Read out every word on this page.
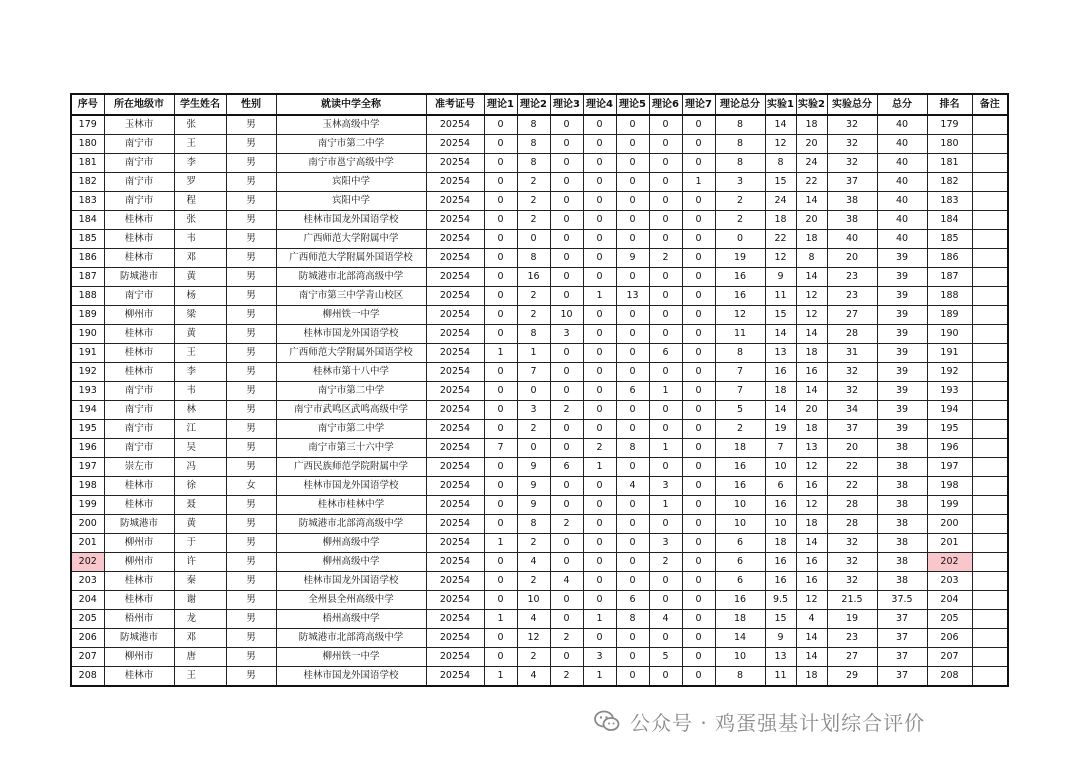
序号	所在地级市	学生姓名	性别	就读中学全称	准考证号	理论1	理论2	理论3	理论4	理论5	理论6	理论7	理论总分	实验1	实验2	实验总分	总分	排名	备注
179	玉林市	张	男	玉林高级中学	20254	0	8	0	0	0	0	0	8	14	18	32	40	179	
180	南宁市	王	男	南宁市第二中学	20254	0	8	0	0	0	0	0	8	12	20	32	40	180	
181	南宁市	李	男	南宁市邕宁高级中学	20254	0	8	0	0	0	0	0	8	8	24	32	40	181	
182	南宁市	罗	男	宾阳中学	20254	0	2	0	0	0	0	1	3	15	22	37	40	182	
183	南宁市	程	男	宾阳中学	20254	0	2	0	0	0	0	0	2	24	14	38	40	183	
184	桂林市	张	男	桂林市国龙外国语学校	20254	0	2	0	0	0	0	0	2	18	20	38	40	184	
185	桂林市	韦	男	广西师范大学附属中学	20254	0	0	0	0	0	0	0	0	22	18	40	40	185	
186	桂林市	邓	男	广西师范大学附属外国语学校	20254	0	8	0	0	9	2	0	19	12	8	20	39	186	
187	防城港市	黄	男	防城港市北部湾高级中学	20254	0	16	0	0	0	0	0	16	9	14	23	39	187	
188	南宁市	杨	男	南宁市第三中学青山校区	20254	0	2	0	1	13	0	0	16	11	12	23	39	188	
189	柳州市	梁	男	柳州铁一中学	20254	0	2	10	0	0	0	0	12	15	12	27	39	189	
190	桂林市	黄	男	桂林市国龙外国语学校	20254	0	8	3	0	0	0	0	11	14	14	28	39	190	
191	桂林市	王	男	广西师范大学附属外国语学校	20254	1	1	0	0	0	6	0	8	13	18	31	39	191	
192	桂林市	李	男	桂林市第十八中学	20254	0	7	0	0	0	0	0	7	16	16	32	39	192	
193	南宁市	韦	男	南宁市第二中学	20254	0	0	0	0	6	1	0	7	18	14	32	39	193	
194	南宁市	林	男	南宁市武鸣区武鸣高级中学	20254	0	3	2	0	0	0	0	5	14	20	34	39	194	
195	南宁市	江	男	南宁市第二中学	20254	0	2	0	0	0	0	0	2	19	18	37	39	195	
196	南宁市	吴	男	南宁市第三十六中学	20254	7	0	0	2	8	1	0	18	7	13	20	38	196	
197	崇左市	冯	男	广西民族师范学院附属中学	20254	0	9	6	1	0	0	0	16	10	12	22	38	197	
198	桂林市	徐	女	桂林市国龙外国语学校	20254	0	9	0	0	4	3	0	16	6	16	22	38	198	
199	桂林市	聂	男	桂林市桂林中学	20254	0	9	0	0	0	1	0	10	16	12	28	38	199	
200	防城港市	黄	男	防城港市北部湾高级中学	20254	0	8	2	0	0	0	0	10	10	18	28	38	200	
201	柳州市	于	男	柳州高级中学	20254	1	2	0	0	0	3	0	6	18	14	32	38	201	
202	柳州市	许	男	柳州高级中学	20254	0	4	0	0	0	2	0	6	16	16	32	38	202	
203	桂林市	秦	男	桂林市国龙外国语学校	20254	0	2	4	0	0	0	0	6	16	16	32	38	203	
204	桂林市	谢	男	全州县全州高级中学	20254	0	10	0	0	6	0	0	16	9.5	12	21.5	37.5	204	
205	梧州市	龙	男	梧州高级中学	20254	1	4	0	1	8	4	0	18	15	4	19	37	205	
206	防城港市	邓	男	防城港市北部湾高级中学	20254	0	12	2	0	0	0	0	14	9	14	23	37	206	
207	柳州市	唐	男	柳州铁一中学	20254	0	2	0	3	0	5	0	10	13	14	27	37	207	
208	桂林市	王	男	桂林市国龙外国语学校	20254	1	4	2	1	0	0	0	8	11	18	29	37	208	
公众号 · 鸡蛋强基计划综合评价
